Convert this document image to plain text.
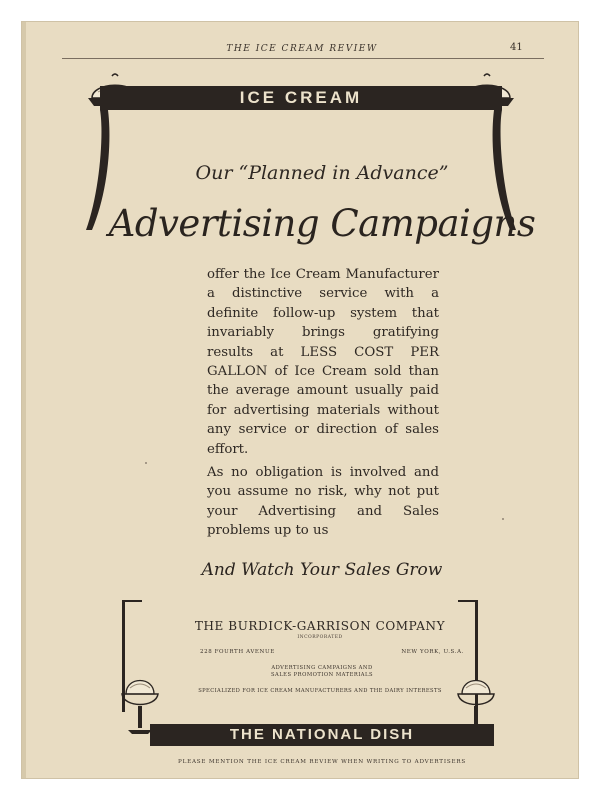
THE ICE CREAM REVIEW	41
ICE CREAM
Our “Planned in Advance”
Advertising Campaigns
offer the Ice Cream Manufacturer a distinctive service with a definite follow-up system that invariably brings gratifying results at LESS COST PER GALLON of Ice Cream sold than the average amount usually paid for advertising materials without any service or direction of sales effort.
As no obligation is involved and you assume no risk, why not put your Advertising and Sales problems up to us
And Watch Your Sales Grow
THE BURDICK-GARRISON COMPANY
INCORPORATED
228 FOURTH AVENUE	NEW YORK, U.S.A.
ADVERTISING CAMPAIGNS AND
SALES PROMOTION MATERIALS
SPECIALIZED FOR ICE CREAM MANUFACTURERS AND THE DAIRY INTERESTS
THE NATIONAL DISH
PLEASE MENTION THE ICE CREAM REVIEW WHEN WRITING TO ADVERTISERS
